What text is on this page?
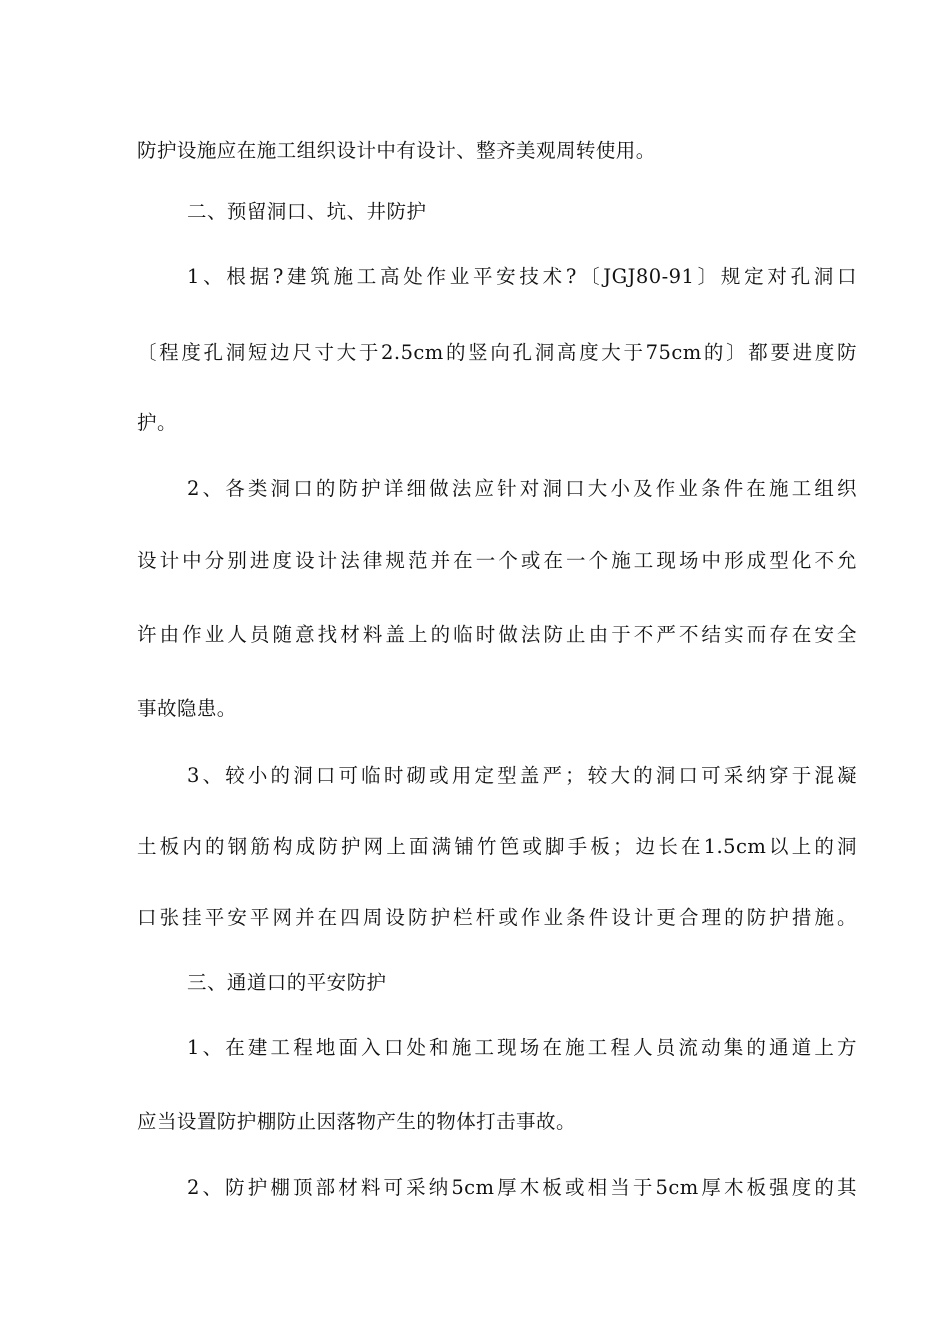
防护设施应在施工组织设计中有设计、整齐美观周转使用。
二、预留洞口、坑、井防护
1、根据?建筑施工高处作业平安技术?〔JGJ80-91〕规定对孔洞口
〔程度孔洞短边尺寸大于2.5cm的竖向孔洞高度大于75cm的〕都要进度防
护。
2、各类洞口的防护详细做法应针对洞口大小及作业条件在施工组织
设计中分别进度设计法律规范并在一个或在一个施工现场中形成型化不允
许由作业人员随意找材料盖上的临时做法防止由于不严不结实而存在安全
事故隐患。
3、较小的洞口可临时砌或用定型盖严；较大的洞口可采纳穿于混凝
土板内的钢筋构成防护网上面满铺竹笆或脚手板；边长在1.5cm以上的洞
口张挂平安平网并在四周设防护栏杆或作业条件设计更合理的防护措施。
三、通道口的平安防护
1、在建工程地面入口处和施工现场在施工程人员流动集的通道上方
应当设置防护棚防止因落物产生的物体打击事故。
2、防护棚顶部材料可采纳5cm厚木板或相当于5cm厚木板强度的其
